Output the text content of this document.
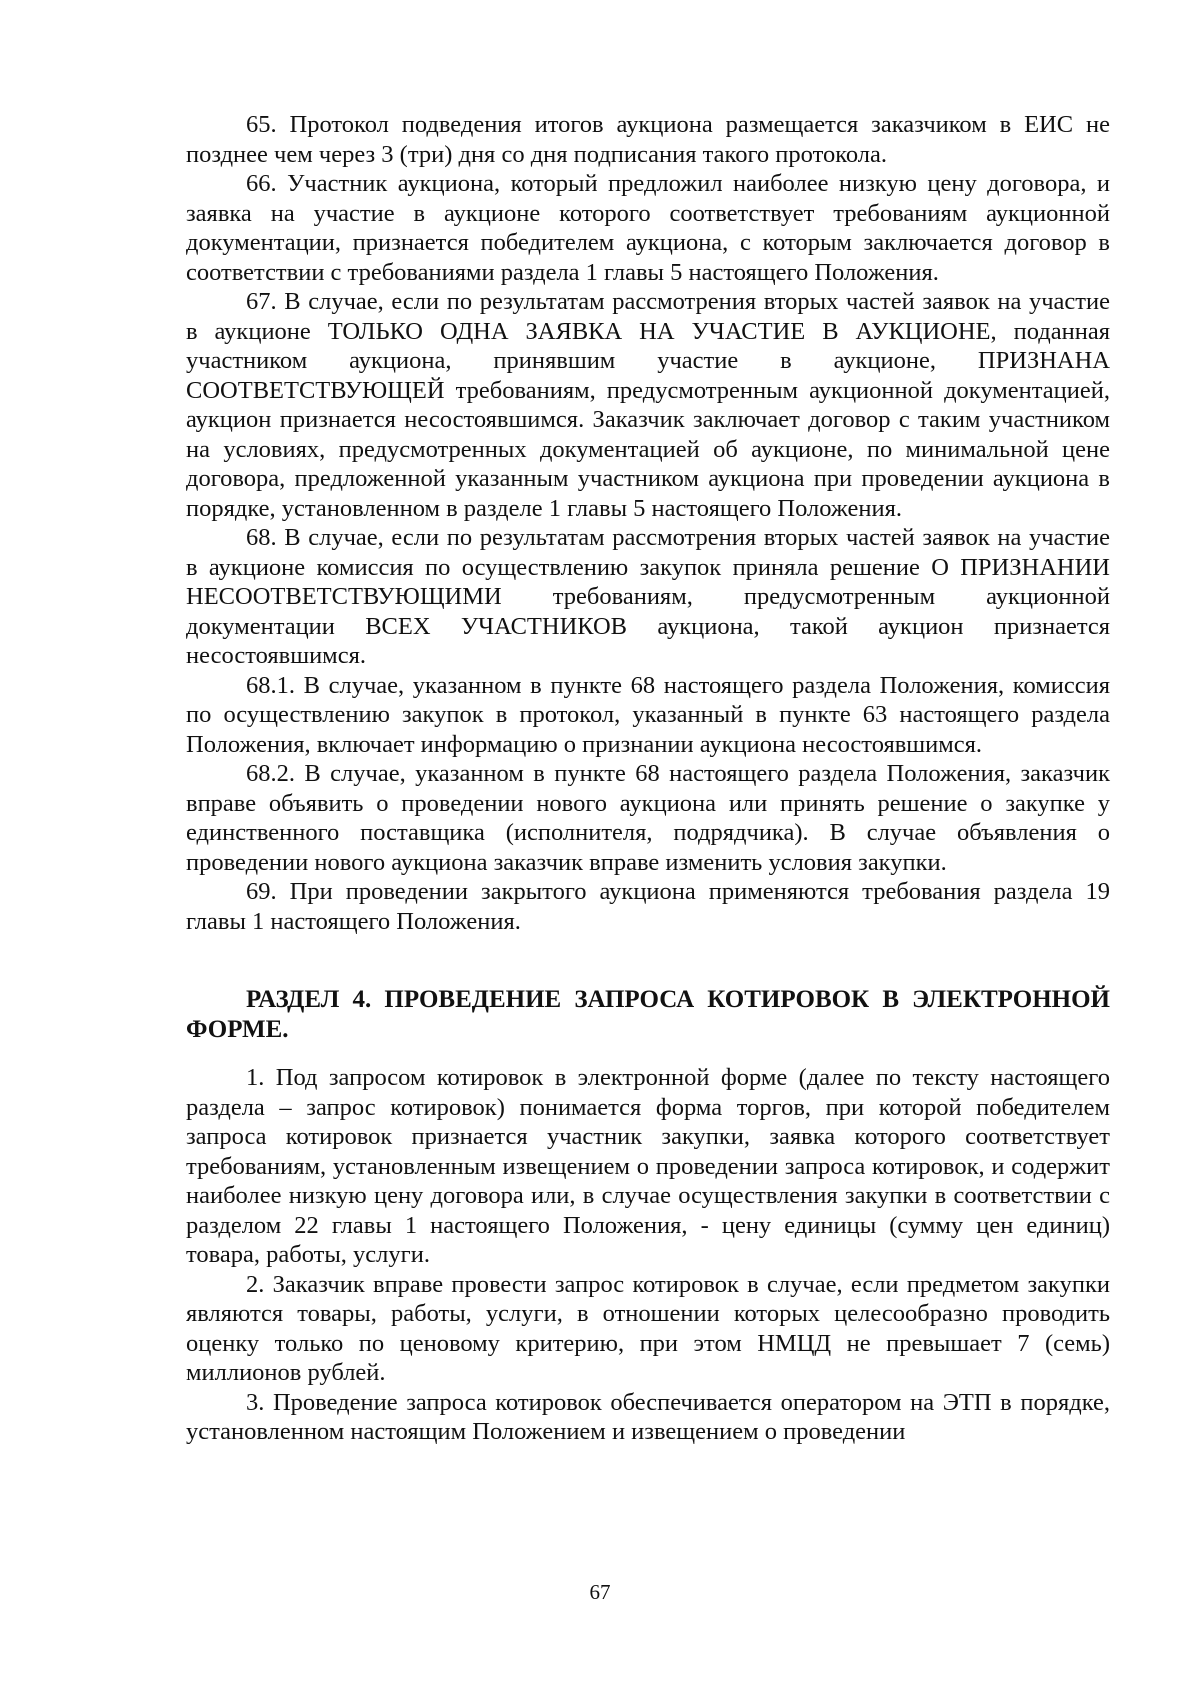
65. Протокол подведения итогов аукциона размещается заказчиком в ЕИС не позднее чем через 3 (три) дня со дня подписания такого протокола.

66. Участник аукциона, который предложил наиболее низкую цену договора, и заявка на участие в аукционе которого соответствует требованиям аукционной документации, признается победителем аукциона, с которым заключается договор в соответствии с требованиями раздела 1 главы 5 настоящего Положения.

67. В случае, если по результатам рассмотрения вторых частей заявок на участие в аукционе ТОЛЬКО ОДНА ЗАЯВКА НА УЧАСТИЕ В АУКЦИОНЕ, поданная участником аукциона, принявшим участие в аукционе, ПРИЗНАНА СООТВЕТСТВУЮЩЕЙ требованиям, предусмотренным аукционной документацией, аукцион признается несостоявшимся. Заказчик заключает договор с таким участником на условиях, предусмотренных документацией об аукционе, по минимальной цене договора, предложенной указанным участником аукциона при проведении аукциона в порядке, установленном в разделе 1 главы 5 настоящего Положения.

68. В случае, если по результатам рассмотрения вторых частей заявок на участие в аукционе комиссия по осуществлению закупок приняла решение О ПРИЗНАНИИ НЕСООТВЕТСТВУЮЩИМИ требованиям, предусмотренным аукционной документации ВСЕХ УЧАСТНИКОВ аукциона, такой аукцион признается несостоявшимся.

68.1. В случае, указанном в пункте 68 настоящего раздела Положения, комиссия по осуществлению закупок в протокол, указанный в пункте 63 настоящего раздела Положения, включает информацию о признании аукциона несостоявшимся.

68.2. В случае, указанном в пункте 68 настоящего раздела Положения, заказчик вправе объявить о проведении нового аукциона или принять решение о закупке у единственного поставщика (исполнителя, подрядчика). В случае объявления о проведении нового аукциона заказчик вправе изменить условия закупки.

69. При проведении закрытого аукциона применяются требования раздела 19 главы 1 настоящего Положения.

РАЗДЕЛ 4. ПРОВЕДЕНИЕ ЗАПРОСА КОТИРОВОК В ЭЛЕКТРОННОЙ ФОРМЕ.

1. Под запросом котировок в электронной форме (далее по тексту настоящего раздела – запрос котировок) понимается форма торгов, при которой победителем запроса котировок признается участник закупки, заявка которого соответствует требованиям, установленным извещением о проведении запроса котировок, и содержит наиболее низкую цену договора или, в случае осуществления закупки в соответствии с разделом 22 главы 1 настоящего Положения, - цену единицы (сумму цен единиц) товара, работы, услуги.

2. Заказчик вправе провести запрос котировок в случае, если предметом закупки являются товары, работы, услуги, в отношении которых целесообразно проводить оценку только по ценовому критерию, при этом НМЦД не превышает 7 (семь) миллионов рублей.

3. Проведение запроса котировок обеспечивается оператором на ЭТП в порядке, установленном настоящим Положением и извещением о проведении

67
